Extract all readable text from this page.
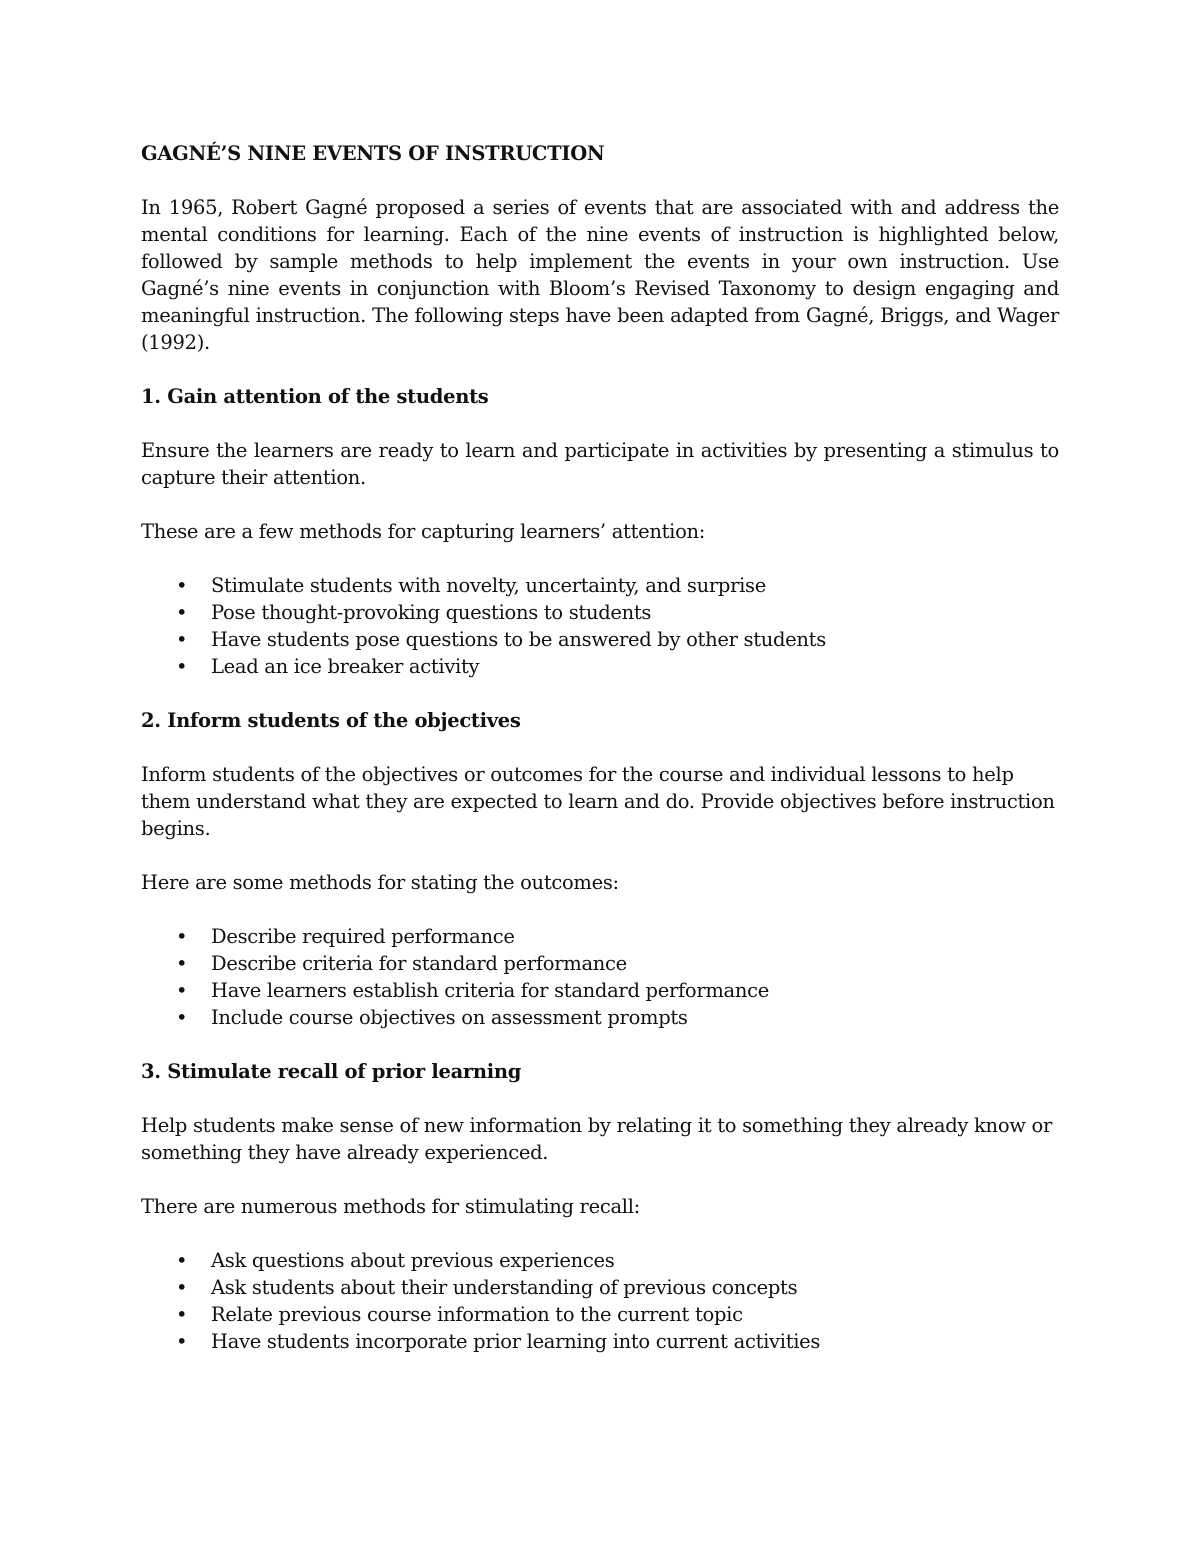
GAGNÉ’S NINE EVENTS OF INSTRUCTION

In 1965, Robert Gagné proposed a series of events that are associated with and address the mental conditions for learning. Each of the nine events of instruction is highlighted below, followed by sample methods to help implement the events in your own instruction. Use Gagné’s nine events in conjunction with Bloom’s Revised Taxonomy to design engaging and meaningful instruction. The following steps have been adapted from Gagné, Briggs, and Wager (1992).

1. Gain attention of the students

Ensure the learners are ready to learn and participate in activities by presenting a stimulus to capture their attention.

These are a few methods for capturing learners’ attention:

• Stimulate students with novelty, uncertainty, and surprise
• Pose thought-provoking questions to students
• Have students pose questions to be answered by other students
• Lead an ice breaker activity
2. Inform students of the objectives

Inform students of the objectives or outcomes for the course and individual lessons to help them understand what they are expected to learn and do. Provide objectives before instruction begins.

Here are some methods for stating the outcomes:

• Describe required performance
• Describe criteria for standard performance
• Have learners establish criteria for standard performance
• Include course objectives on assessment prompts
3. Stimulate recall of prior learning

Help students make sense of new information by relating it to something they already know or something they have already experienced.

There are numerous methods for stimulating recall:

• Ask questions about previous experiences
• Ask students about their understanding of previous concepts
• Relate previous course information to the current topic
• Have students incorporate prior learning into current activities
